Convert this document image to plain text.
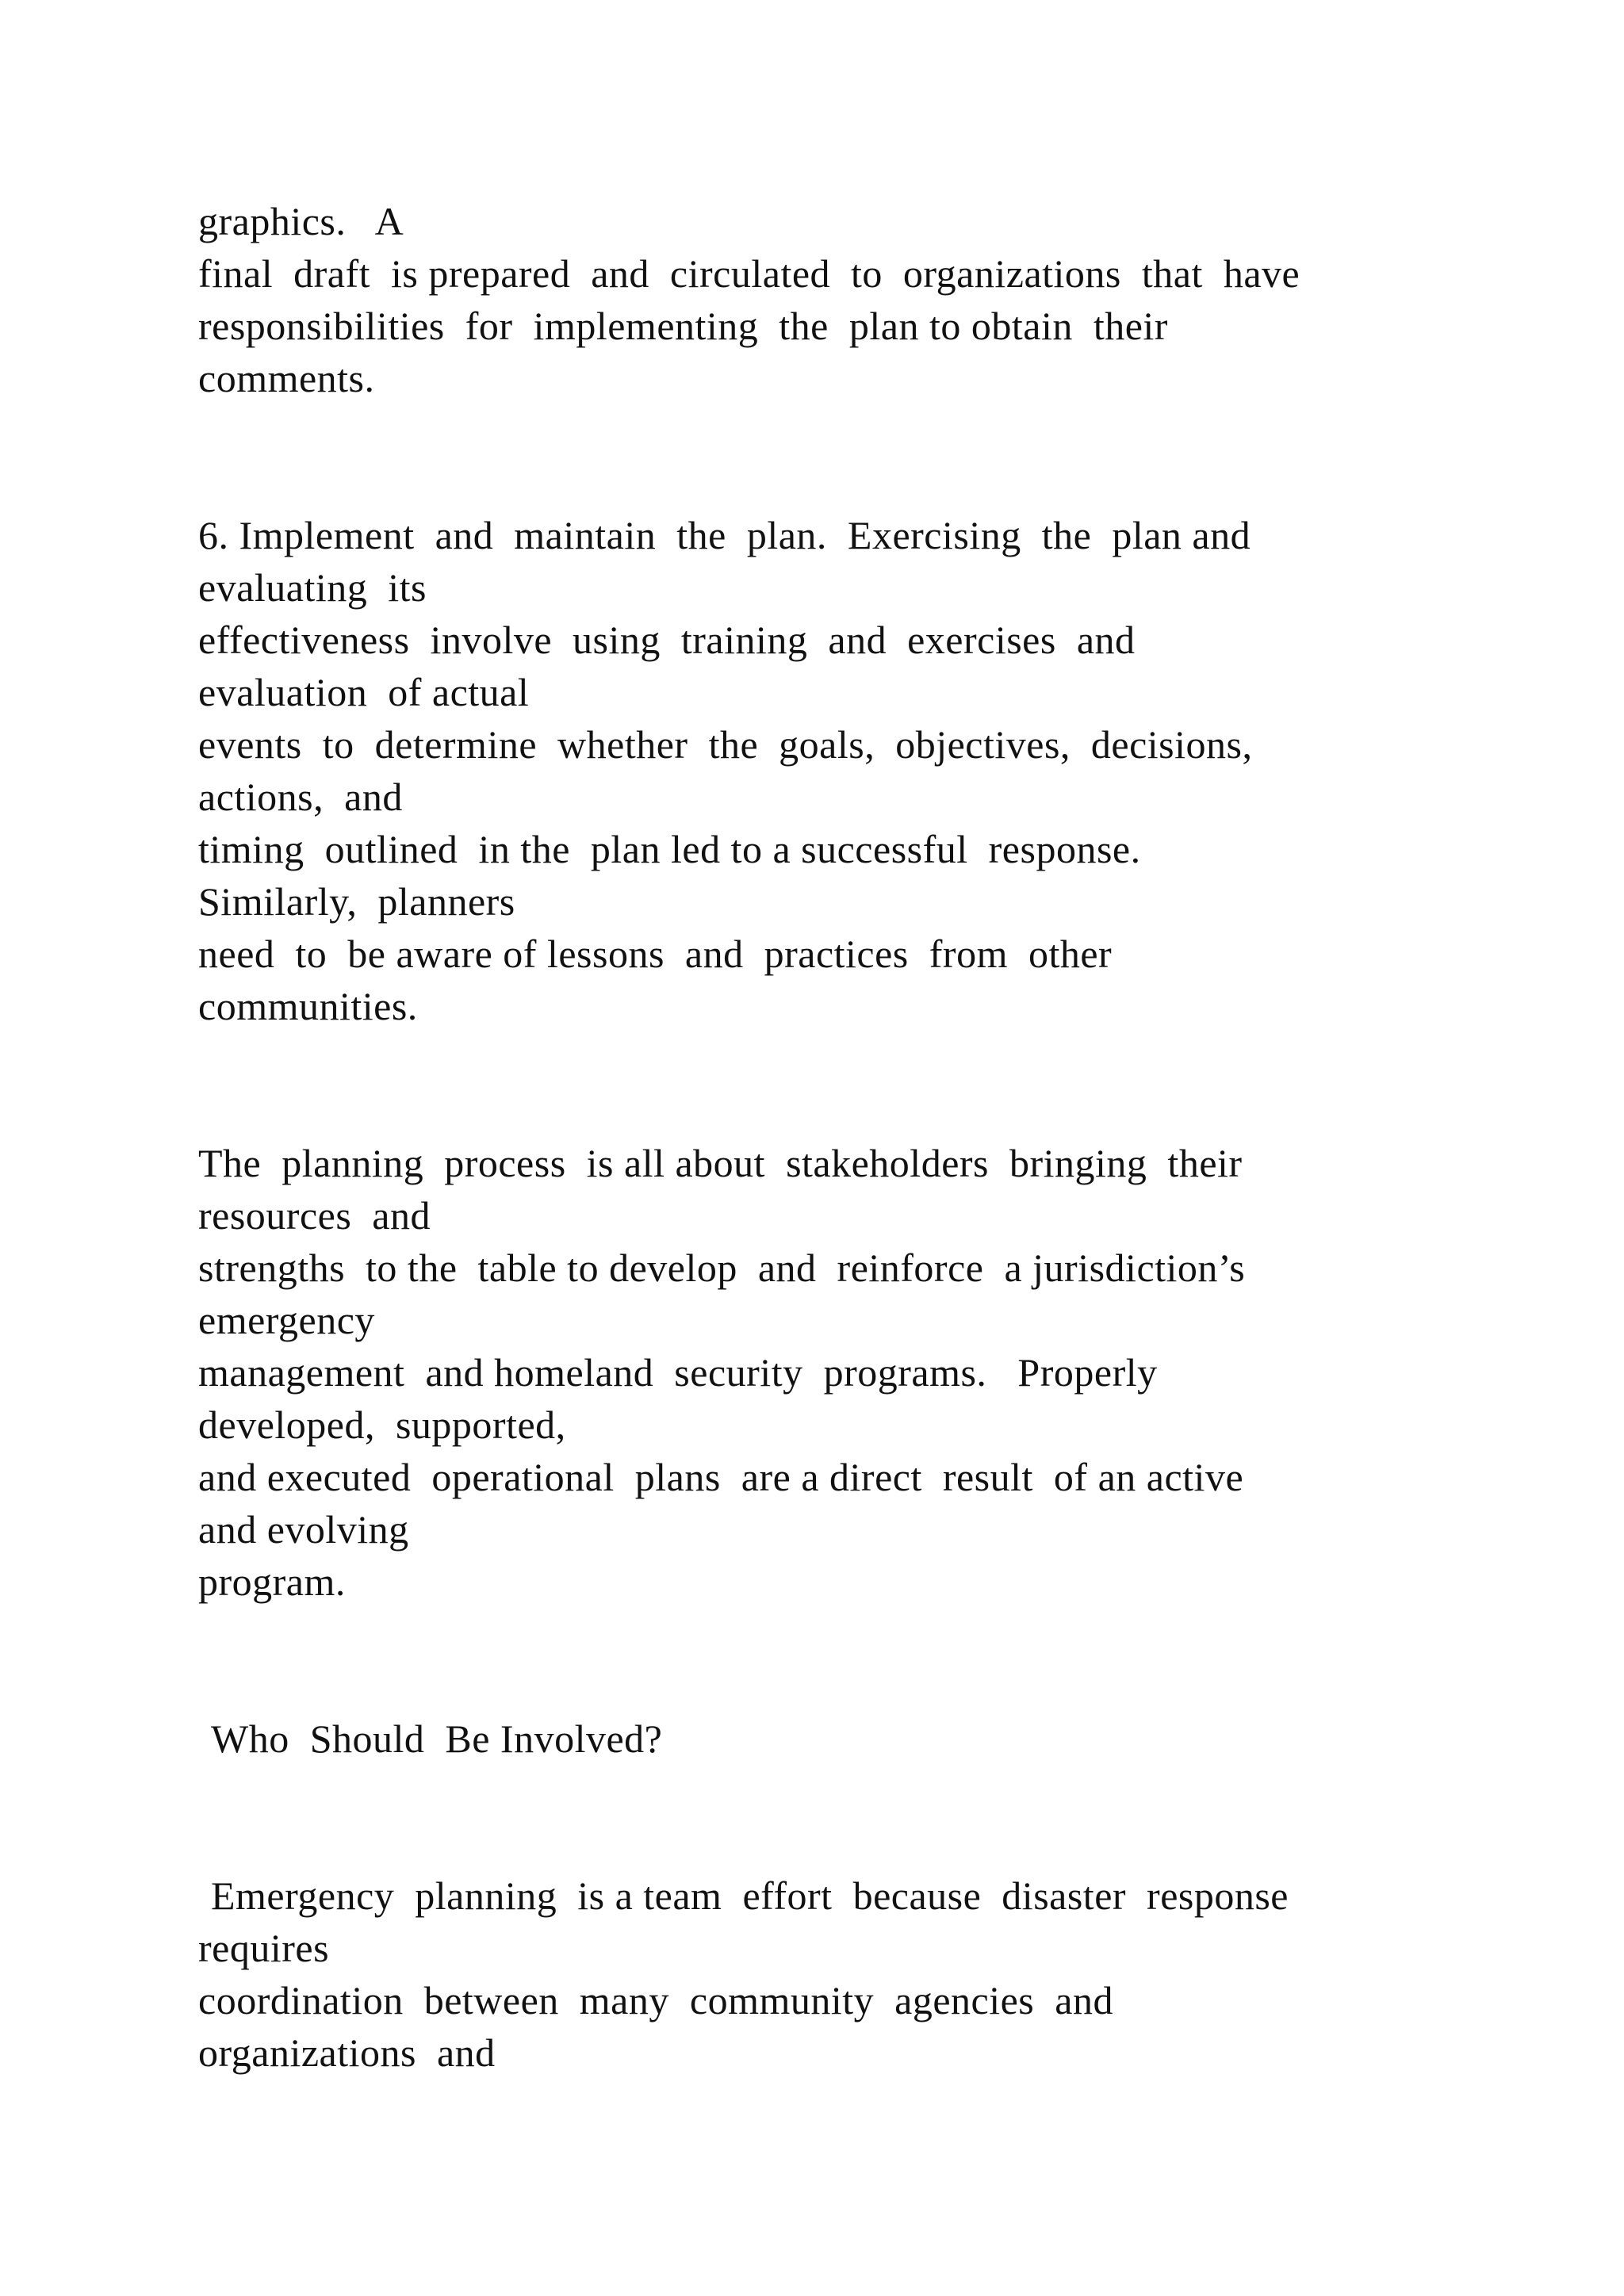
graphics.   A

final  draft  is prepared  and  circulated  to  organizations  that  have

responsibilities  for  implementing  the  plan to obtain  their

comments.

6. Implement  and  maintain  the  plan.  Exercising  the  plan and

evaluating  its

effectiveness  involve  using  training  and  exercises  and

evaluation  of actual

events  to  determine  whether  the  goals,  objectives,  decisions,

actions,  and

timing  outlined  in the  plan led to a successful  response.

Similarly,  planners

need  to  be aware of lessons  and  practices  from  other

communities.

The  planning  process  is all about  stakeholders  bringing  their

resources  and

strengths  to the  table to develop  and  reinforce  a jurisdiction’s

emergency

management  and homeland  security  programs.   Properly

developed,  supported,

and executed  operational  plans  are a direct  result  of an active

and evolving

program.

Who  Should  Be Involved?

Emergency  planning  is a team  effort  because  disaster  response

requires

coordination  between  many  community  agencies  and

organizations  and
